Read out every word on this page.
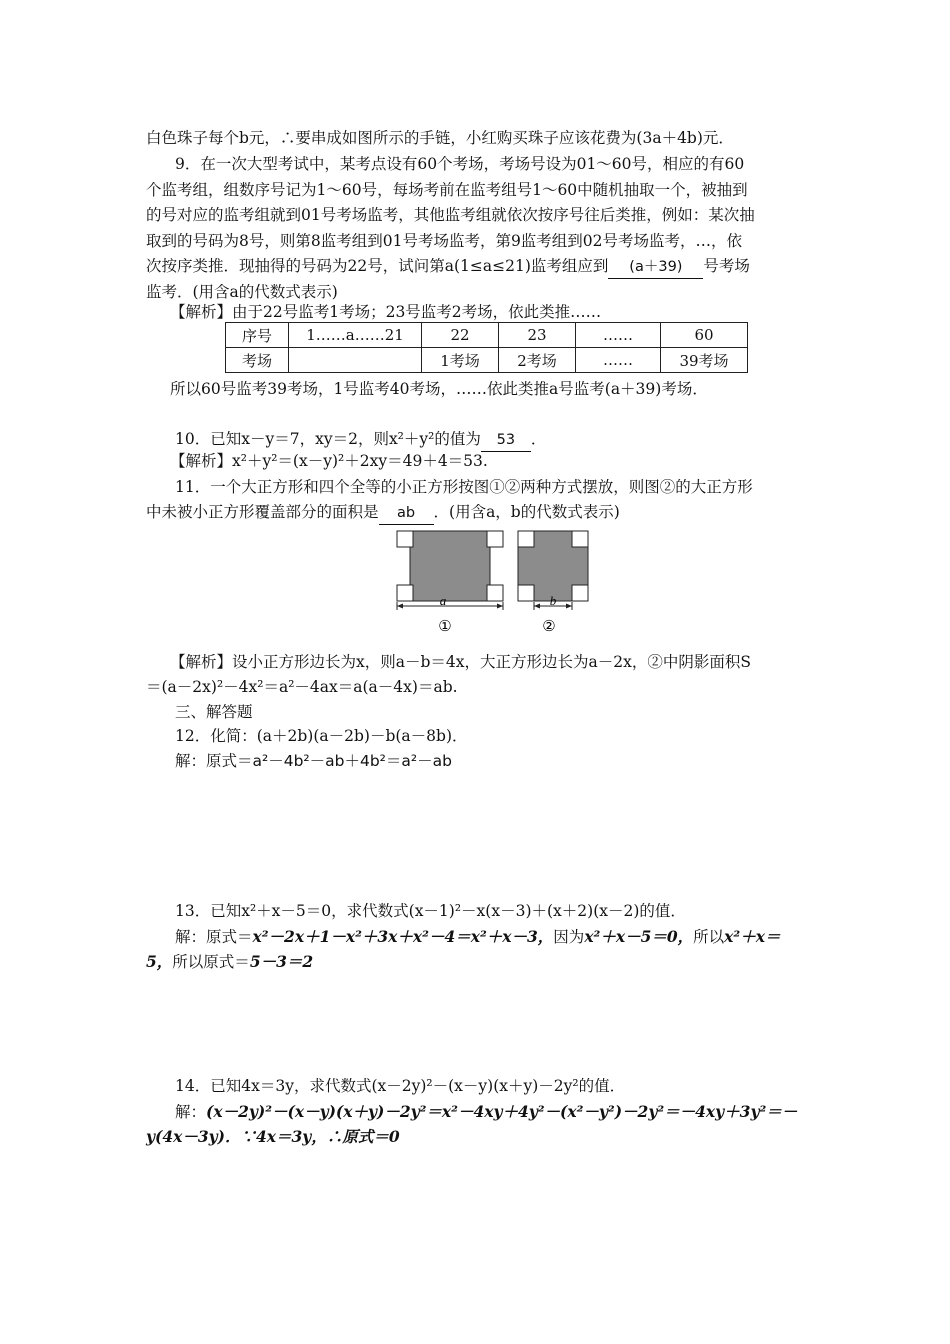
白色珠子每个b元，∴要串成如图所示的手链，小红购买珠子应该花费为(3a＋4b)元．
9．在一次大型考试中，某考点设有60个考场，考场号设为01～60号，相应的有60
个监考组，组数序号记为1～60号，每场考前在监考组号1～60中随机抽取一个，被抽到
的号对应的监考组就到01号考场监考，其他监考组就依次按序号往后类推，例如：某次抽
取到的号码为8号，则第8监考组到01号考场监考，第9监考组到02号考场监考，…，依
次按序类推．现抽得的号码为22号，试问第a(1≤a≤21)监考组应到 (a＋39) 号考场
监考．(用含a的代数式表示)
【解析】由于22号监考1考场；23号监考2考场，依此类推……
序号	1……a……21	22	23	……	60
考场		1考场	2考场	……	39考场
所以60号监考39考场，1号监考40考场，……依此类推a号监考(a＋39)考场．
10．已知x－y＝7，xy＝2，则x²＋y²的值为 53 ．
【解析】x²＋y²＝(x－y)²＋2xy＝49＋4＝53.
11．一个大正方形和四个全等的小正方形按图①②两种方式摆放，则图②的大正方形
中未被小正方形覆盖部分的面积是 ab ．(用含a，b的代数式表示)
a
①
b
②
【解析】设小正方形边长为x，则a－b＝4x，大正方形边长为a－2x，②中阴影面积S
＝(a－2x)²－4x²＝a²－4ax＝a(a－4x)＝ab.
三、解答题
12．化简：(a＋2b)(a－2b)－b(a－8b)．
解：原式＝a²－4b²－ab＋4b²＝a²－ab
13．已知x²＋x－5＝0，求代数式(x－1)²－x(x－3)＋(x＋2)(x－2)的值．
解：原式＝x²－2x＋1－x²＋3x＋x²－4＝x²＋x－3，因为x²＋x－5＝0，所以x²＋x＝
5，所以原式＝5－3＝2
14．已知4x＝3y，求代数式(x－2y)²－(x－y)(x＋y)－2y²的值．
解：(x－2y)²－(x－y)(x＋y)－2y²＝x²－4xy＋4y²－(x²－y²)－2y²＝－4xy＋3y²＝－
y(4x－3y)．∵4x＝3y，∴原式＝0
